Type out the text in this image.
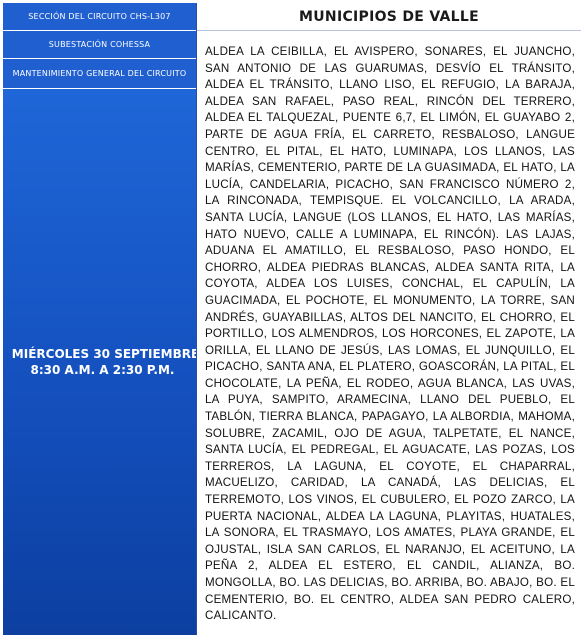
SECCIÓN DEL CIRCUITO CHS-L307
SUBESTACIÓN COHESSA
MANTENIMIENTO GENERAL DEL CIRCUITO
MIÉRCOLES 30 SEPTIEMBRE
8:30 A.M. A 2:30 P.M.
MUNICIPIOS DE VALLE
ALDEA LA CEIBILLA, EL AVISPERO, SONARES, EL JUANCHO, SAN ANTONIO DE LAS GUARUMAS, DESVÍO EL TRÁNSITO, ALDEA EL TRÁNSITO, LLANO LISO, EL REFUGIO, LA BARAJA, ALDEA SAN RAFAEL, PASO REAL, RINCÓN DEL TERRERO, ALDEA EL TALQUEZAL, PUENTE 6,7, EL LIMÓN, EL GUAYABO 2, PARTE DE AGUA FRÍA, EL CARRETO, RESBALOSO, LANGUE CENTRO, EL PITAL, EL HATO, LUMINAPA, LOS LLANOS, LAS MARÍAS, CEMENTERIO, PARTE DE LA GUASIMADA, EL HATO, LA LUCÍA, CANDELARIA, PICACHO, SAN FRANCISCO NÚMERO 2, LA RINCONADA, TEMPISQUE. EL VOLCANCILLO, LA ARADA, SANTA LUCÍA, LANGUE (LOS LLANOS, EL HATO, LAS MARÍAS, HATO NUEVO, CALLE A LUMINAPA, EL RINCÓN). LAS LAJAS, ADUANA EL AMATILLO, EL RESBALOSO, PASO HONDO, EL CHORRO, ALDEA PIEDRAS BLANCAS, ALDEA SANTA RITA, LA COYOTA, ALDEA LOS LUISES, CONCHAL, EL CAPULÍN, LA GUACIMADA, EL POCHOTE, EL MONUMENTO, LA TORRE, SAN ANDRÉS, GUAYABILLAS, ALTOS DEL NANCITO, EL CHORRO, EL PORTILLO, LOS ALMENDROS, LOS HORCONES, EL ZAPOTE, LA ORILLA, EL LLANO DE JESÚS, LAS LOMAS, EL JUNQUILLO, EL PICACHO, SANTA ANA, EL PLATERO, GOASCORÁN, LA PITAL, EL CHOCOLATE, LA PEÑA, EL RODEO, AGUA BLANCA, LAS UVAS, LA PUYA, SAMPITO, ARAMECINA, LLANO DEL PUEBLO, EL TABLÓN, TIERRA BLANCA, PAPAGAYO, LA ALBORDIA, MAHOMA, SOLUBRE, ZACAMIL, OJO DE AGUA, TALPETATE, EL NANCE, SANTA LUCÍA, EL PEDREGAL, EL AGUACATE, LAS POZAS, LOS TERREROS, LA LAGUNA, EL COYOTE, EL CHAPARRAL, MACUELIZO, CARIDAD, LA CANADÁ, LAS DELICIAS, EL TERREMOTO, LOS VINOS, EL CUBULERO, EL POZO ZARCO, LA PUERTA NACIONAL, ALDEA LA LAGUNA, PLAYITAS, HUATALES, LA SONORA, EL TRASMAYO, LOS AMATES, PLAYA GRANDE, EL OJUSTAL, ISLA SAN CARLOS, EL NARANJO, EL ACEITUNO, LA PEÑA 2, ALDEA EL ESTERO, EL CANDIL, ALIANZA, BO. MONGOLLA, BO. LAS DELICIAS, BO. ARRIBA, BO. ABAJO, BO. EL CEMENTERIO, BO. EL CENTRO, ALDEA SAN PEDRO CALERO, CALICANTO.
